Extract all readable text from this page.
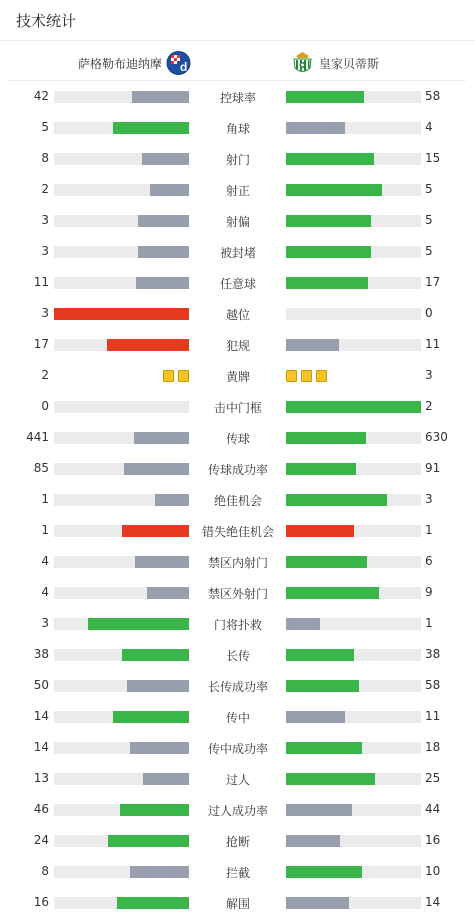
技术统计
萨格勒布迪纳摩 d	皇家贝蒂斯
42	控球率	58
5	角球	4
8	射门	15
2	射正	5
3	射偏	5
3	被封堵	5
11	任意球	17
3	越位	0
17	犯规	11
2	黄牌	3
0	击中门框	2
441	传球	630
85	传球成功率	91
1	绝佳机会	3
1	错失绝佳机会	1
4	禁区内射门	6
4	禁区外射门	9
3	门将扑救	1
38	长传	38
50	长传成功率	58
14	传中	11
14	传中成功率	18
13	过人	25
46	过人成功率	44
24	抢断	16
8	拦截	10
16	解围	14
